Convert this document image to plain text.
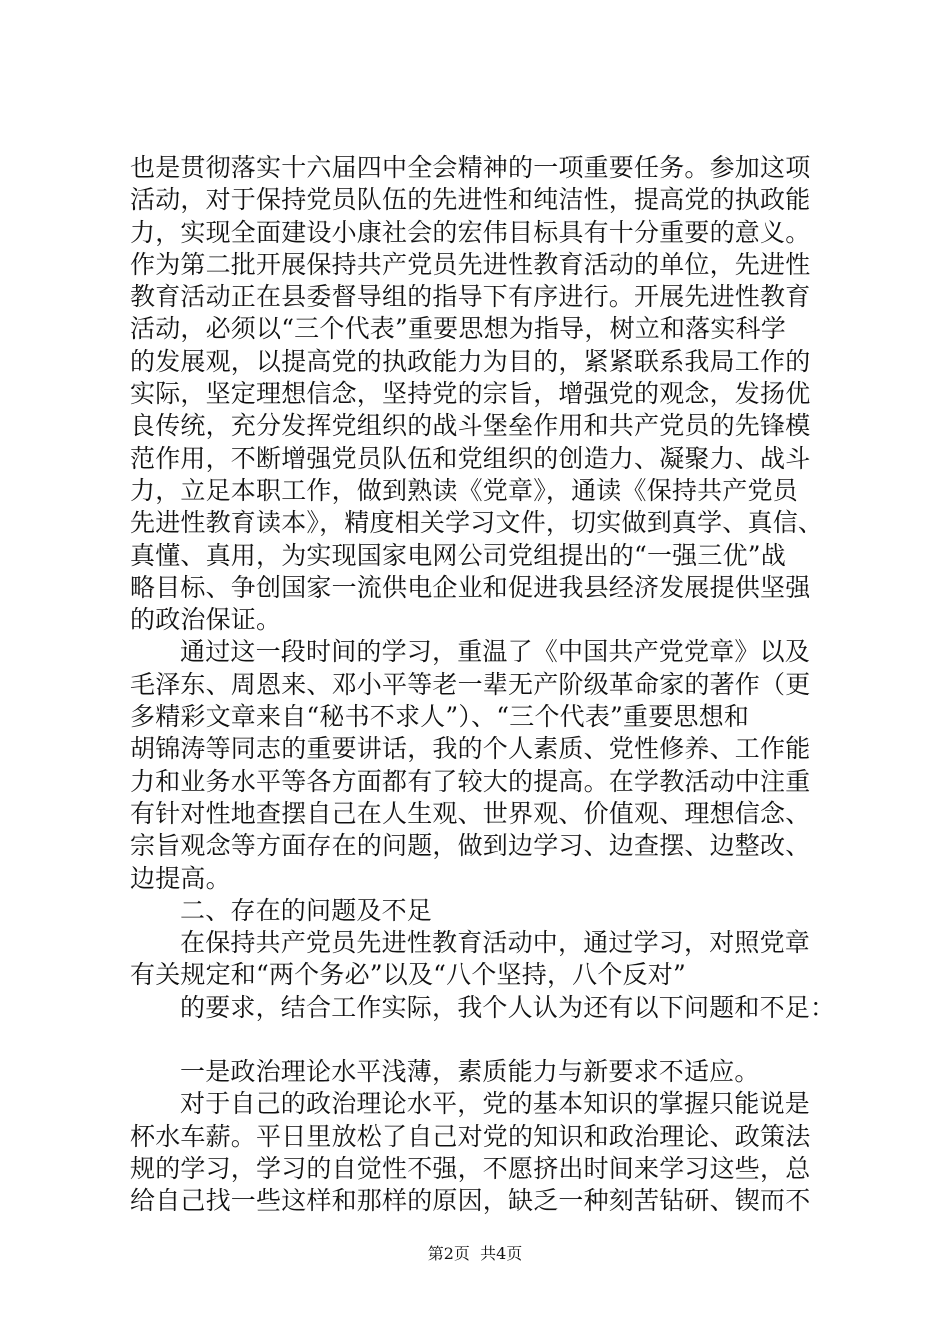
也是贯彻落实十六届四中全会精神的一项重要任务。参加这项
活动，对于保持党员队伍的先进性和纯洁性，提高党的执政能
力，实现全面建设小康社会的宏伟目标具有十分重要的意义。
作为第二批开展保持共产党员先进性教育活动的单位，先进性
教育活动正在县委督导组的指导下有序进行。开展先进性教育
活动，必须以“三个代表”重要思想为指导，树立和落实科学
的发展观，以提高党的执政能力为目的，紧紧联系我局工作的
实际，坚定理想信念，坚持党的宗旨，增强党的观念，发扬优
良传统，充分发挥党组织的战斗堡垒作用和共产党员的先锋模
范作用，不断增强党员队伍和党组织的创造力、凝聚力、战斗
力，立足本职工作，做到熟读《党章》，通读《保持共产党员
先进性教育读本》，精度相关学习文件，切实做到真学、真信、
真懂、真用，为实现国家电网公司党组提出的“一强三优”战
略目标、争创国家一流供电企业和促进我县经济发展提供坚强
的政治保证。
通过这一段时间的学习，重温了《中国共产党党章》以及
毛泽东、周恩来、邓小平等老一辈无产阶级革命家的著作（更
多精彩文章来自“秘书不求人”）、“三个代表”重要思想和
胡锦涛等同志的重要讲话，我的个人素质、党性修养、工作能
力和业务水平等各方面都有了较大的提高。在学教活动中注重
有针对性地查摆自己在人生观、世界观、价值观、理想信念、
宗旨观念等方面存在的问题，做到边学习、边查摆、边整改、
边提高。
二、存在的问题及不足
在保持共产党员先进性教育活动中，通过学习，对照党章
有关规定和“两个务必”以及“八个坚持，八个反对”
的要求，结合工作实际，我个人认为还有以下问题和不足：
一是政治理论水平浅薄，素质能力与新要求不适应。
对于自己的政治理论水平，党的基本知识的掌握只能说是
杯水车薪。平日里放松了自己对党的知识和政治理论、政策法
规的学习，学习的自觉性不强，不愿挤出时间来学习这些，总
给自己找一些这样和那样的原因，缺乏一种刻苦钻研、锲而不
第2页  共4页
